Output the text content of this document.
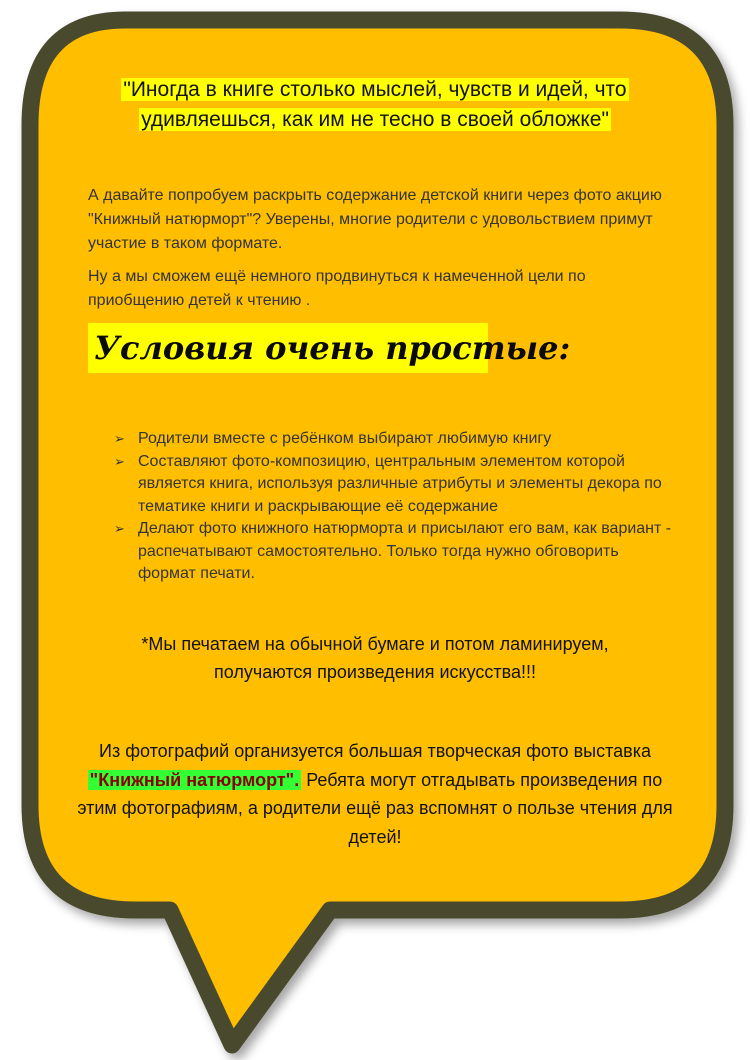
"Иногда в книге столько мыслей, чувств и идей, что
удивляешься, как им не тесно в своей обложке"
А давайте попробуем раскрыть содержание детской книги через фото акцию "Книжный натюрморт"? Уверены, многие родители с удовольствием примут участие в таком формате.
Ну а мы сможем ещё немного продвинуться к намеченной цели по приобщению детей к чтению .
Условия очень простые:
➢ Родители вместе с ребёнком выбирают любимую книгу
➢ Составляют фото-композицию, центральным элементом которой является книга, используя различные атрибуты и элементы декора по тематике книги и раскрывающие её содержание
➢ Делают фото книжного натюрморта и присылают его вам, как вариант - распечатывают самостоятельно. Только тогда нужно обговорить формат печати.
*Мы печатаем на обычной бумаге и потом ламинируем, получаются произведения искусства!!!
Из фотографий организуется большая творческая фото выставка "Книжный натюрморт". Ребята могут отгадывать произведения по этим фотографиям, а родители ещё раз вспомнят о пользе чтения для детей!
